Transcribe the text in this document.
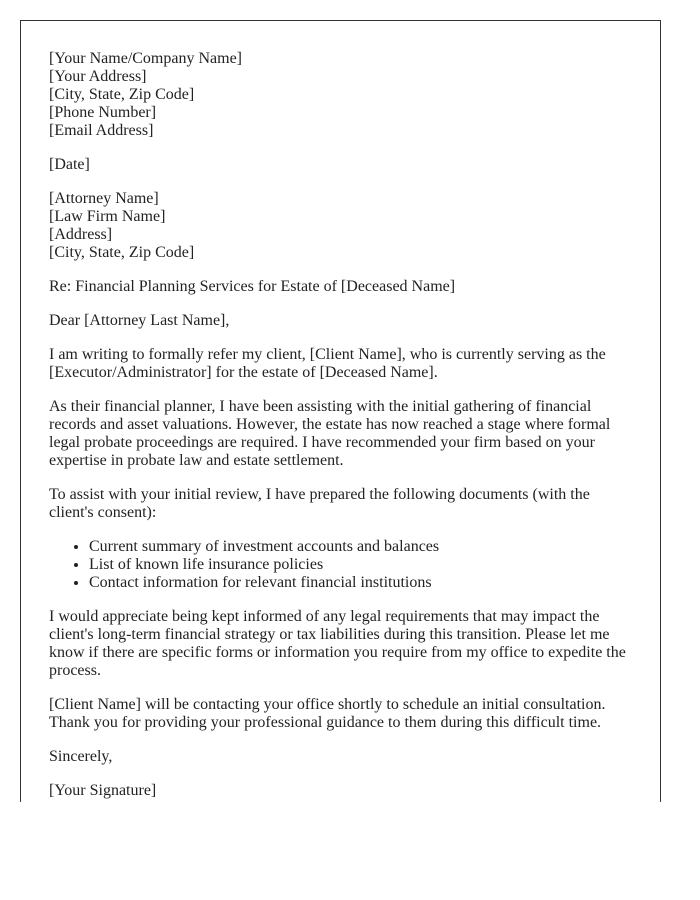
[Your Name/Company Name]
[Your Address]
[City, State, Zip Code]
[Phone Number]
[Email Address]

[Date]

[Attorney Name]
[Law Firm Name]
[Address]
[City, State, Zip Code]

Re: Financial Planning Services for Estate of [Deceased Name]

Dear [Attorney Last Name],

I am writing to formally refer my client, [Client Name], who is currently serving as the [Executor/Administrator] for the estate of [Deceased Name].

As their financial planner, I have been assisting with the initial gathering of financial records and asset valuations. However, the estate has now reached a stage where formal legal probate proceedings are required. I have recommended your firm based on your expertise in probate law and estate settlement.

To assist with your initial review, I have prepared the following documents (with the client's consent):

• Current summary of investment accounts and balances
• List of known life insurance policies
• Contact information for relevant financial institutions

I would appreciate being kept informed of any legal requirements that may impact the client's long-term financial strategy or tax liabilities during this transition. Please let me know if there are specific forms or information you require from my office to expedite the process.

[Client Name] will be contacting your office shortly to schedule an initial consultation. Thank you for providing your professional guidance to them during this difficult time.

Sincerely,

[Your Signature]
